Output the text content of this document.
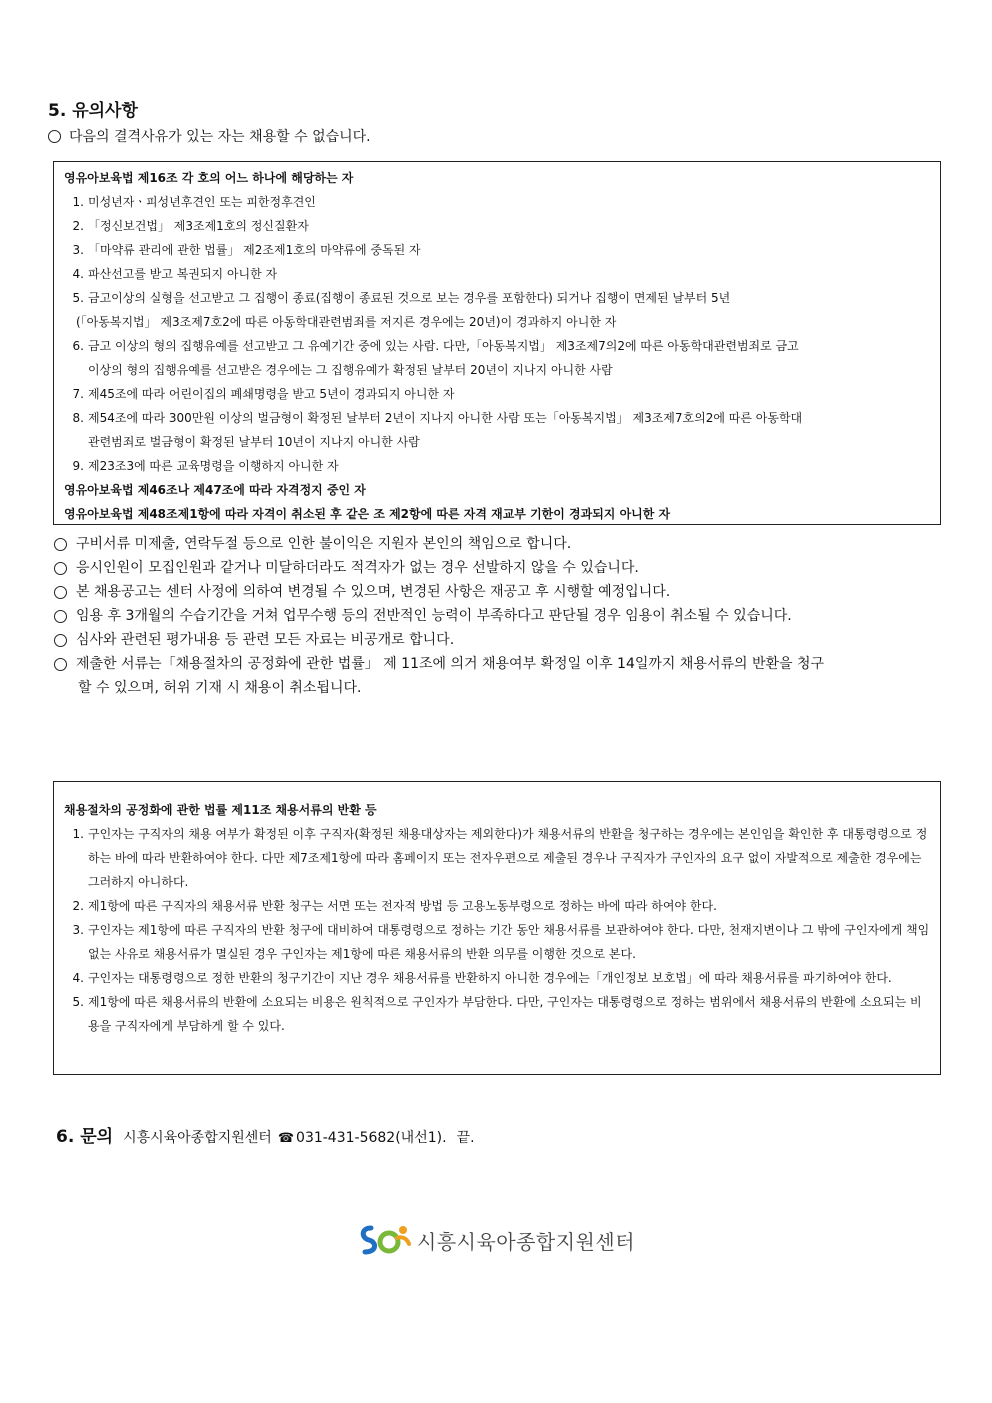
5. 유의사항
다음의 결격사유가 있는 자는 채용할 수 없습니다.

영유아보육법 제16조 각 호의 어느 하나에 해당하는 자

1. 미성년자ㆍ피성년후견인 또는 피한정후견인
2. 「정신보건법」 제3조제1호의 정신질환자
3. 「마약류 관리에 관한 법률」 제2조제1호의 마약류에 중독된 자
4. 파산선고를 받고 복권되지 아니한 자
5. 금고이상의 실형을 선고받고 그 집행이 종료(집행이 종료된 것으로 보는 경우를 포함한다) 되거나 집행이 면제된 날부터 5년
(「아동복지법」 제3조제7호2에 따른 아동학대관련범죄를 저지른 경우에는 20년)이 경과하지 아니한 자
6. 금고 이상의 형의 집행유예를 선고받고 그 유예기간 중에 있는 사람. 다만,「아동복지법」 제3조제7의2에 따른 아동학대관련범죄로 금고
이상의 형의 집행유예를 선고받은 경우에는 그 집행유예가 확정된 날부터 20년이 지나지 아니한 사람
7. 제45조에 따라 어린이집의 폐쇄명령을 받고 5년이 경과되지 아니한 자
8. 제54조에 따라 300만원 이상의 벌금형이 확정된 날부터 2년이 지나지 아니한 사람 또는「아동복지법」 제3조제7호의2에 따른 아동학대
관련범죄로 벌금형이 확정된 날부터 10년이 지나지 아니한 사람
9. 제23조3에 따른 교육명령을 이행하지 아니한 자

영유아보육법 제46조나 제47조에 따라 자격정지 중인 자

영유아보육법 제48조제1항에 따라 자격이 취소된 후 같은 조 제2항에 따른 자격 재교부 기한이 경과되지 아니한 자

구비서류 미제출, 연락두절 등으로 인한 불이익은 지원자 본인의 책임으로 합니다.
응시인원이 모집인원과 같거나 미달하더라도 적격자가 없는 경우 선발하지 않을 수 있습니다.
본 채용공고는 센터 사정에 의하여 변경될 수 있으며, 변경된 사항은 재공고 후 시행할 예정입니다.
임용 후 3개월의 수습기간을 거쳐 업무수행 등의 전반적인 능력이 부족하다고 판단될 경우 임용이 취소될 수 있습니다.
심사와 관련된 평가내용 등 관련 모든 자료는 비공개로 합니다.
제출한 서류는「채용절차의 공정화에 관한 법률」 제 11조에 의거 채용여부 확정일 이후 14일까지 채용서류의 반환을 청구
할 수 있으며, 허위 기재 시 채용이 취소됩니다.

채용절차의 공정화에 관한 법률 제11조 채용서류의 반환 등

1. 구인자는 구직자의 채용 여부가 확정된 이후 구직자(확정된 채용대상자는 제외한다)가 채용서류의 반환을 청구하는 경우에는 본인임을 확인한 후 대통령령으로 정하는 바에 따라 반환하여야 한다. 다만 제7조제1항에 따라 홈페이지 또는 전자우편으로 제출된 경우나 구직자가 구인자의 요구 없이 자발적으로 제출한 경우에는 그러하지 아니하다.
2. 제1항에 따른 구직자의 채용서류 반환 청구는 서면 또는 전자적 방법 등 고용노동부령으로 정하는 바에 따라 하여야 한다.
3. 구인자는 제1항에 따른 구직자의 반환 청구에 대비하여 대통령령으로 정하는 기간 동안 채용서류를 보관하여야 한다. 다만, 천재지변이나 그 밖에 구인자에게 책임 없는 사유로 채용서류가 멸실된 경우 구인자는 제1항에 따른 채용서류의 반환 의무를 이행한 것으로 본다.
4. 구인자는 대통령령으로 정한 반환의 청구기간이 지난 경우 채용서류를 반환하지 아니한 경우에는「개인정보 보호법」에 따라 채용서류를 파기하여야 한다.
5. 제1항에 따른 채용서류의 반환에 소요되는 비용은 원칙적으로 구인자가 부담한다. 다만, 구인자는 대통령령으로 정하는 범위에서 채용서류의 반환에 소요되는 비용을 구직자에게 부담하게 할 수 있다.
6. 문의 시흥시육아종합지원센터 ☎ 031-431-5682(내선1). 끝.
시흥시육아종합지원센터
